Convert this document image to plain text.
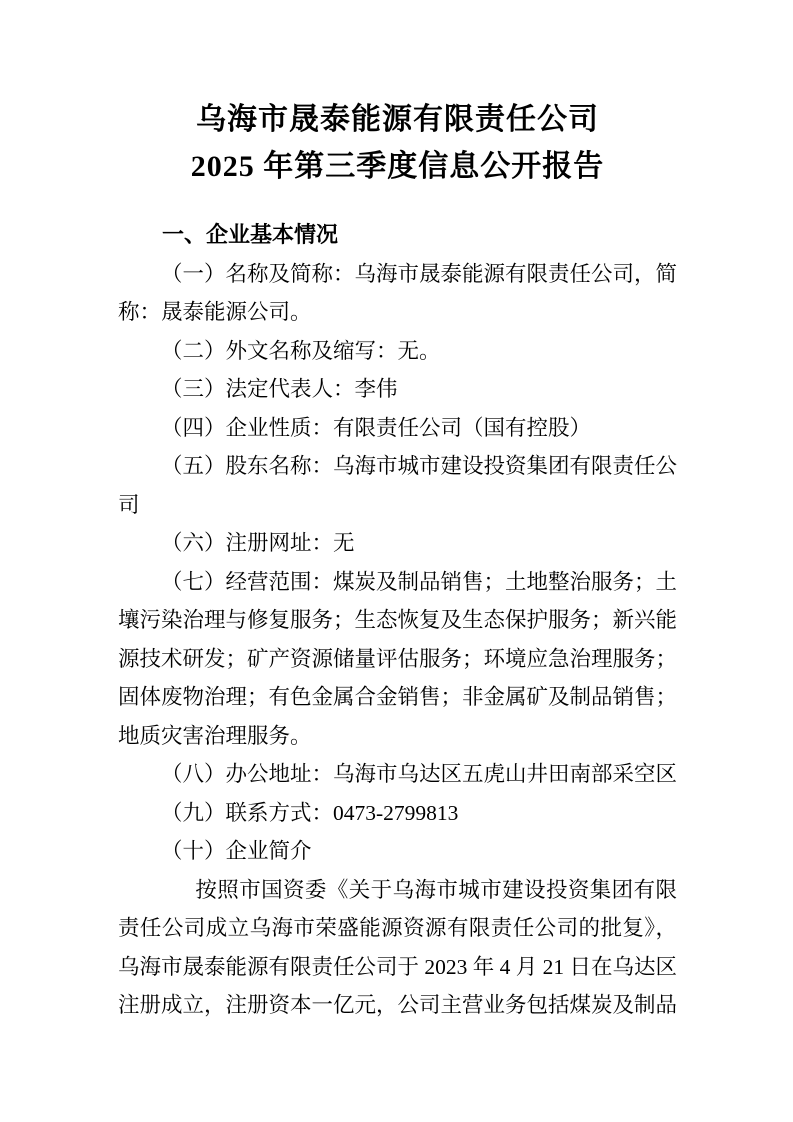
乌海市晟泰能源有限责任公司
2025 年第三季度信息公开报告
一、企业基本情况

（一）名称及简称：乌海市晟泰能源有限责任公司，简称：晟泰能源公司。

（二）外文名称及缩写：无。

（三）法定代表人：李伟

（四）企业性质：有限责任公司（国有控股）

（五）股东名称：乌海市城市建设投资集团有限责任公司

（六）注册网址：无

（七）经营范围：煤炭及制品销售；土地整治服务；土壤污染治理与修复服务；生态恢复及生态保护服务；新兴能源技术研发；矿产资源储量评估服务；环境应急治理服务；固体废物治理；有色金属合金销售；非金属矿及制品销售；地质灾害治理服务。

（八）办公地址：乌海市乌达区五虎山井田南部采空区

（九）联系方式：0473-2799813

（十）企业简介

按照市国资委《关于乌海市城市建设投资集团有限责任公司成立乌海市荣盛能源资源有限责任公司的批复》，乌海市晟泰能源有限责任公司于 2023 年 4 月 21 日在乌达区注册成立，注册资本一亿元，公司主营业务包括煤炭及制品
